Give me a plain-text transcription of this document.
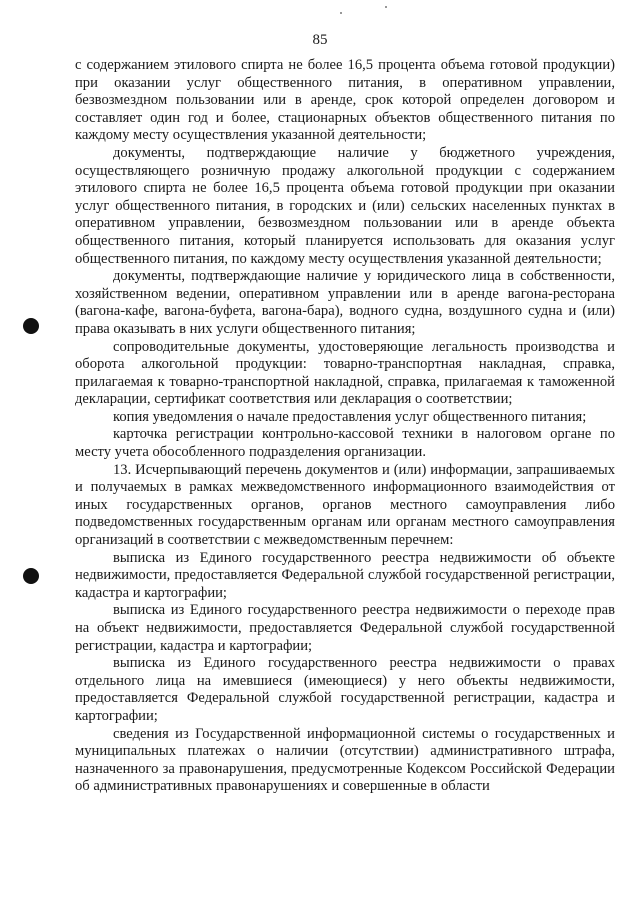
85

с содержанием этилового спирта не более 16,5 процента объема готовой продукции) при оказании услуг общественного питания, в оперативном управлении, безвозмездном пользовании или в аренде, срок которой определен договором и составляет один год и более, стационарных объектов общественного питания по каждому месту осуществления указанной деятельности;

документы, подтверждающие наличие у бюджетного учреждения, осуществляющего розничную продажу алкогольной продукции с содержанием этилового спирта не более 16,5 процента объема готовой продукции при оказании услуг общественного питания, в городских и (или) сельских населенных пунктах в оперативном управлении, безвозмездном пользовании или в аренде объекта общественного питания, который планируется использовать для оказания услуг общественного питания, по каждому месту осуществления указанной деятельности;

документы, подтверждающие наличие у юридического лица в собственности, хозяйственном ведении, оперативном управлении или в аренде вагона-ресторана (вагона-кафе, вагона-буфета, вагона-бара), водного судна, воздушного судна и (или) права оказывать в них услуги общественного питания;

сопроводительные документы, удостоверяющие легальность производства и оборота алкогольной продукции: товарно-транспортная накладная, справка, прилагаемая к товарно-транспортной накладной, справка, прилагаемая к таможенной декларации, сертификат соответствия или декларация о соответствии;

копия уведомления о начале предоставления услуг общественного питания;

карточка регистрации контрольно-кассовой техники в налоговом органе по месту учета обособленного подразделения организации.

13. Исчерпывающий перечень документов и (или) информации, запрашиваемых и получаемых в рамках межведомственного информационного взаимодействия от иных государственных органов, органов местного самоуправления либо подведомственных государственным органам или органам местного самоуправления организаций в соответствии с межведомственным перечнем:

выписка из Единого государственного реестра недвижимости об объекте недвижимости, предоставляется Федеральной службой государственной регистрации, кадастра и картографии;

выписка из Единого государственного реестра недвижимости о переходе прав на объект недвижимости, предоставляется Федеральной службой государственной регистрации, кадастра и картографии;

выписка из Единого государственного реестра недвижимости о правах отдельного лица на имевшиеся (имеющиеся) у него объекты недвижимости, предоставляется Федеральной службой государственной регистрации, кадастра и картографии;

сведения из Государственной информационной системы о государственных и муниципальных платежах о наличии (отсутствии) административного штрафа, назначенного за правонарушения, предусмотренные Кодексом Российской Федерации об административных правонарушениях и совершенные в области
